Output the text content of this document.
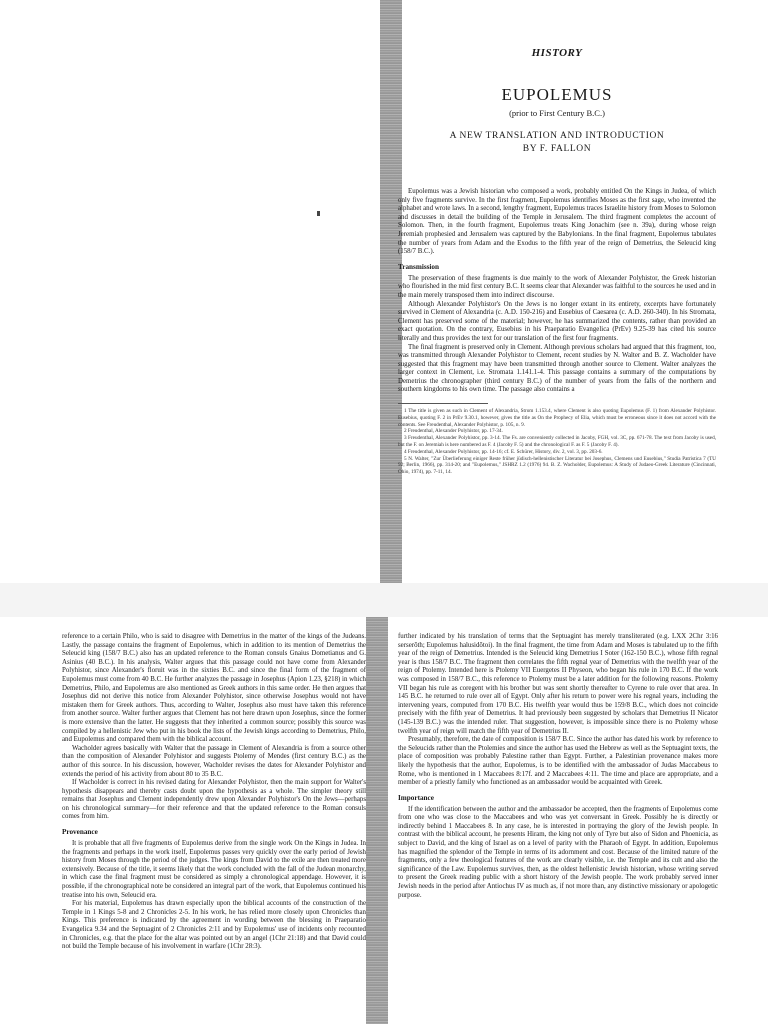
HISTORY
EUPOLEMUS
(prior to First Century B.C.)
A NEW TRANSLATION AND INTRODUCTION
BY F. FALLON

Eupolemus was a Jewish historian who composed a work, probably entitled On the Kings in Judea, of which only five fragments survive. In the first fragment, Eupolemus identifies Moses as the first sage, who invented the alphabet and wrote laws. In a second, lengthy fragment, Eupolemus traces Israelite history from Moses to Solomon and discusses in detail the building of the Temple in Jerusalem. The third fragment completes the account of Solomon. Then, in the fourth fragment, Eupolemus treats King Jonachim (see n. 39a), during whose reign Jeremiah prophesied and Jerusalem was captured by the Babylonians. In the final fragment, Eupolemus tabulates the number of years from Adam and the Exodus to the fifth year of the reign of Demetrius, the Seleucid king (158/7 B.C.).

Transmission

The preservation of these fragments is due mainly to the work of Alexander Polyhistor, the Greek historian who flourished in the mid first century B.C. It seems clear that Alexander was faithful to the sources he used and in the main merely transposed them into indirect discourse.

Although Alexander Polyhistor's On the Jews is no longer extant in its entirety, excerpts have fortunately survived in Clement of Alexandria (c. A.D. 150-216) and Eusebius of Caesarea (c. A.D. 260-340). In his Stromata, Clement has preserved some of the material; however, he has summarized the contents, rather than provided an exact quotation. On the contrary, Eusebius in his Praeparatio Evangelica (PrEv) 9.25-39 has cited his source literally and thus provides the text for our translation of the first four fragments.

The final fragment is preserved only in Clement. Although previous scholars had argued that this fragment, too, was transmitted through Alexander Polyhistor to Clement, recent studies by N. Walter and B. Z. Wacholder have suggested that this fragment may have been transmitted through another source to Clement. Walter analyzes the larger context in Clement, i.e. Stromata 1.141.1-4. This passage contains a summary of the computations by Demetrius the chronographer (third century B.C.) of the number of years from the falls of the northern and southern kingdoms to his own time. The passage also contains a

1 The title is given as such in Clement of Alexandria, Strom 1.153.4, where Clement is also quoting Eupolemus (F. 1) from Alexander Polyhistor. Eusebius, quoting F. 2 in PrEv 9.30.1, however, gives the title as On the Prophecy of Elia, which must be erroneous since it does not accord with the contents. See Freudenthal, Alexander Polyhistor, p. 105, n. 9.

2 Freudenthal, Alexander Polyhistor, pp. 17-34.

3 Freudenthal, Alexander Polyhistor, pp. 3-14. The Fs. are conveniently collected in Jacoby, FGH, vol. 3C, pp. 671-78. The text from Jacoby is used, but the F. on Jeremiah is here numbered as F. 4 (Jacoby F. 5) and the chronological F. as F. 5 (Jacoby F. 4).

4 Freudenthal, Alexander Polyhistor, pp. 14-16; cf. E. Schürer, History, div. 2, vol. 3, pp. 203-6.

5 N. Walter, "Zur Überlieferung einiger Reste früher jüdisch-hellenistischer Literatur bei Josephus, Clemens und Eusebius," Studia Patristica 7 (TU 92; Berlin, 1966), pp. 314-20; and "Eupolemus," JSHRZ 1.2 (1976) 94. B. Z. Wacholder, Eupolemus: A Study of Judaeo-Greek Literature (Cincinnati, Ohio, 1974), pp. 7-11, 14.

reference to a certain Philo, who is said to disagree with Demetrius in the matter of the kings of the Judeans. Lastly, the passage contains the fragment of Eupolemus, which in addition to its mention of Demetrius the Seleucid king (158/7 B.C.) also has an updated reference to the Roman consuls Gnaius Dometianus and G. Asinius (40 B.C.). In his analysis, Walter argues that this passage could not have come from Alexander Polyhistor, since Alexander's floruit was in the sixties B.C. and since the final form of the fragment of Eupolemus must come from 40 B.C. He further analyzes the passage in Josephus (Apion 1.23, §218) in which Demetrius, Philo, and Eupolemus are also mentioned as Greek authors in this same order. He then argues that Josephus did not derive this notice from Alexander Polyhistor, since otherwise Josephus would not have mistaken them for Greek authors. Thus, according to Walter, Josephus also must have taken this reference from another source. Walter further argues that Clement has not here drawn upon Josephus, since the former is more extensive than the latter. He suggests that they inherited a common source; possibly this source was compiled by a hellenistic Jew who put in his book the lists of the Jewish kings according to Demetrius, Philo, and Eupolemus and compared them with the biblical account.

Wacholder agrees basically with Walter that the passage in Clement of Alexandria is from a source other than the composition of Alexander Polyhistor and suggests Ptolemy of Mendes (first century B.C.) as the author of this source. In his discussion, however, Wacholder revises the dates for Alexander Polyhistor and extends the period of his activity from about 80 to 35 B.C.

If Wacholder is correct in his revised dating for Alexander Polyhistor, then the main support for Walter's hypothesis disappears and thereby casts doubt upon the hypothesis as a whole. The simpler theory still remains that Josephus and Clement independently drew upon Alexander Polyhistor's On the Jews—perhaps on his chronological summary—for their reference and that the updated reference to the Roman consuls comes from him.

Provenance

It is probable that all five fragments of Eupolemus derive from the single work On the Kings in Judea. In the fragments and perhaps in the work itself, Eupolemus passes very quickly over the early period of Jewish history from Moses through the period of the judges. The kings from David to the exile are then treated more extensively. Because of the title, it seems likely that the work concluded with the fall of the Judean monarchy, in which case the final fragment must be considered as simply a chronological appendage. However, it is possible, if the chronographical note be considered an integral part of the work, that Eupolemus continued his treatise into his own, Seleucid era.

For his material, Eupolemus has drawn especially upon the biblical accounts of the construction of the Temple in 1 Kings 5-8 and 2 Chronicles 2-5. In his work, he has relied more closely upon Chronicles than Kings. This preference is indicated by the agreement in wording between the blessing in Praeparatio Evangelica 9.34 and the Septuagint of 2 Chronicles 2:11 and by Eupolemus' use of incidents only recounted in Chronicles, e.g. that the place for the altar was pointed out by an angel (1Chr 21:18) and that David could not build the Temple because of his involvement in warfare (1Chr 28:3).

further indicated by his translation of terms that the Septuagint has merely transliterated (e.g. LXX 2Chr 3:16 serserōth; Eupolemus halusidōtoi). In the final fragment, the time from Adam and Moses is tabulated up to the fifth year of the reign of Demetrius. Intended is the Seleucid king Demetrius I Soter (162-150 B.C.), whose fifth regnal year is thus 158/7 B.C. The fragment then correlates the fifth regnal year of Demetrius with the twelfth year of the reign of Ptolemy. Intended here is Ptolemy VII Euergetes II Physeon, who began his rule in 170 B.C. If the work was composed in 158/7 B.C., this reference to Ptolemy must be a later addition for the following reasons. Ptolemy VII began his rule as coregent with his brother but was sent shortly thereafter to Cyrene to rule over that area. In 145 B.C. he returned to rule over all of Egypt. Only after his return to power were his regnal years, including the intervening years, computed from 170 B.C. His twelfth year would thus be 159/8 B.C., which does not coincide precisely with the fifth year of Demetrius. It had previously been suggested by scholars that Demetrius II Nicator (145-139 B.C.) was the intended ruler. That suggestion, however, is impossible since there is no Ptolemy whose twelfth year of reign will match the fifth year of Demetrius II.

Presumably, therefore, the date of composition is 158/7 B.C. Since the author has dated his work by reference to the Seleucids rather than the Ptolemies and since the author has used the Hebrew as well as the Septuagint texts, the place of composition was probably Palestine rather than Egypt. Further, a Palestinian provenance makes more likely the hypothesis that the author, Eupolemus, is to be identified with the ambassador of Judas Maccabeus to Rome, who is mentioned in 1 Maccabees 8:17f. and 2 Maccabees 4:11. The time and place are appropriate, and a member of a priestly family who functioned as an ambassador would be acquainted with Greek.

Importance

If the identification between the author and the ambassador be accepted, then the fragments of Eupolemus come from one who was close to the Maccabees and who was yet conversant in Greek. Possibly he is directly or indirectly behind 1 Maccabees 8. In any case, he is interested in portraying the glory of the Jewish people. In contrast with the biblical account, he presents Hiram, the king not only of Tyre but also of Sidon and Phoenicia, as subject to David, and the king of Israel as on a level of parity with the Pharaoh of Egypt. In addition, Eupolemus has magnified the splendor of the Temple in terms of its adornment and cost. Because of the limited nature of the fragments, only a few theological features of the work are clearly visible, i.e. the Temple and its cult and also the significance of the Law. Eupolemus survives, then, as the oldest hellenistic Jewish historian, whose writing served to present the Greek reading public with a short history of the Jewish people. The work probably served inner Jewish needs in the period after Antiochus IV as much as, if not more than, any distinctive missionary or apologetic purpose.
